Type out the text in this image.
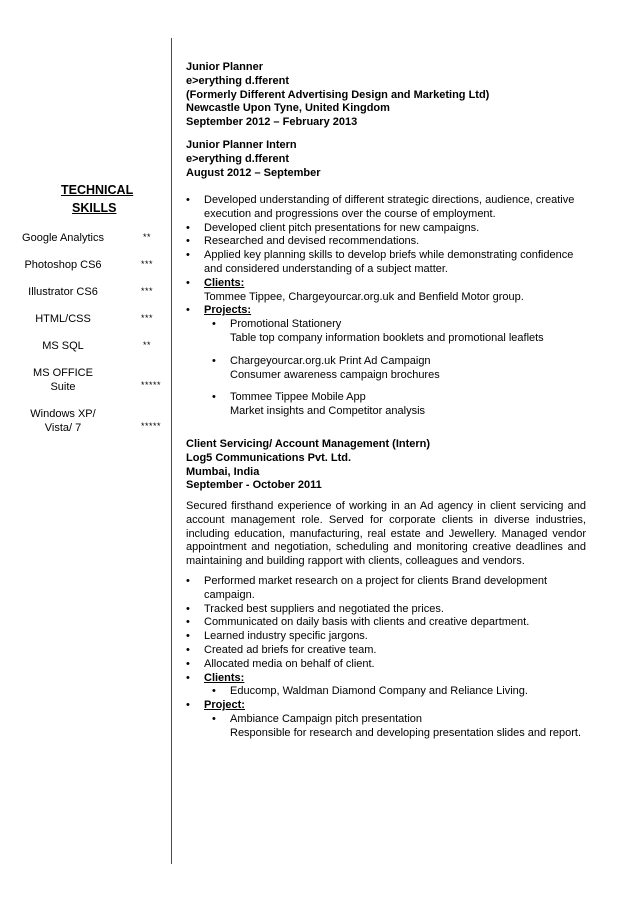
TECHNICAL
SKILLS
Google Analytics	**
Photoshop CS6	***
Illustrator CS6	***
HTML/CSS	***
MS SQL	**
MS OFFICE
Suite	*****
Windows XP/
Vista/ 7	*****
Junior Planner
e>erything d.fferent
(Formerly Different Advertising Design and Marketing Ltd)
Newcastle Upon Tyne, United Kingdom
September 2012 – February 2013
Junior Planner Intern
e>erything d.fferent
August 2012 – September
• Developed understanding of different strategic directions, audience, creative execution and progressions over the course of employment.
• Developed client pitch presentations for new campaigns.
• Researched and devised recommendations.
• Applied key planning skills to develop briefs while demonstrating confidence and considered understanding of a subject matter.
• Clients:
Tommee Tippee, Chargeyourcar.org.uk and Benfield Motor group.
• Projects:
• Promotional Stationery
Table top company information booklets and promotional leaflets
• Chargeyourcar.org.uk Print Ad Campaign
Consumer awareness campaign brochures
• Tommee Tippee Mobile App
Market insights and Competitor analysis
Client Servicing/ Account Management (Intern)
Log5 Communications Pvt. Ltd.
Mumbai, India
September - October 2011
Secured firsthand experience of working in an Ad agency in client servicing and account management role. Served for corporate clients in diverse industries, including education, manufacturing, real estate and Jewellery. Managed vendor appointment and negotiation, scheduling and monitoring creative deadlines and maintaining and building rapport with clients, colleagues and vendors.
• Performed market research on a project for clients Brand development campaign.
• Tracked best suppliers and negotiated the prices.
• Communicated on daily basis with clients and creative department.
• Learned industry specific jargons.
• Created ad briefs for creative team.
• Allocated media on behalf of client.
• Clients:
• Educomp, Waldman Diamond Company and Reliance Living.
• Project:
• Ambiance Campaign pitch presentation
Responsible for research and developing presentation slides and report.
